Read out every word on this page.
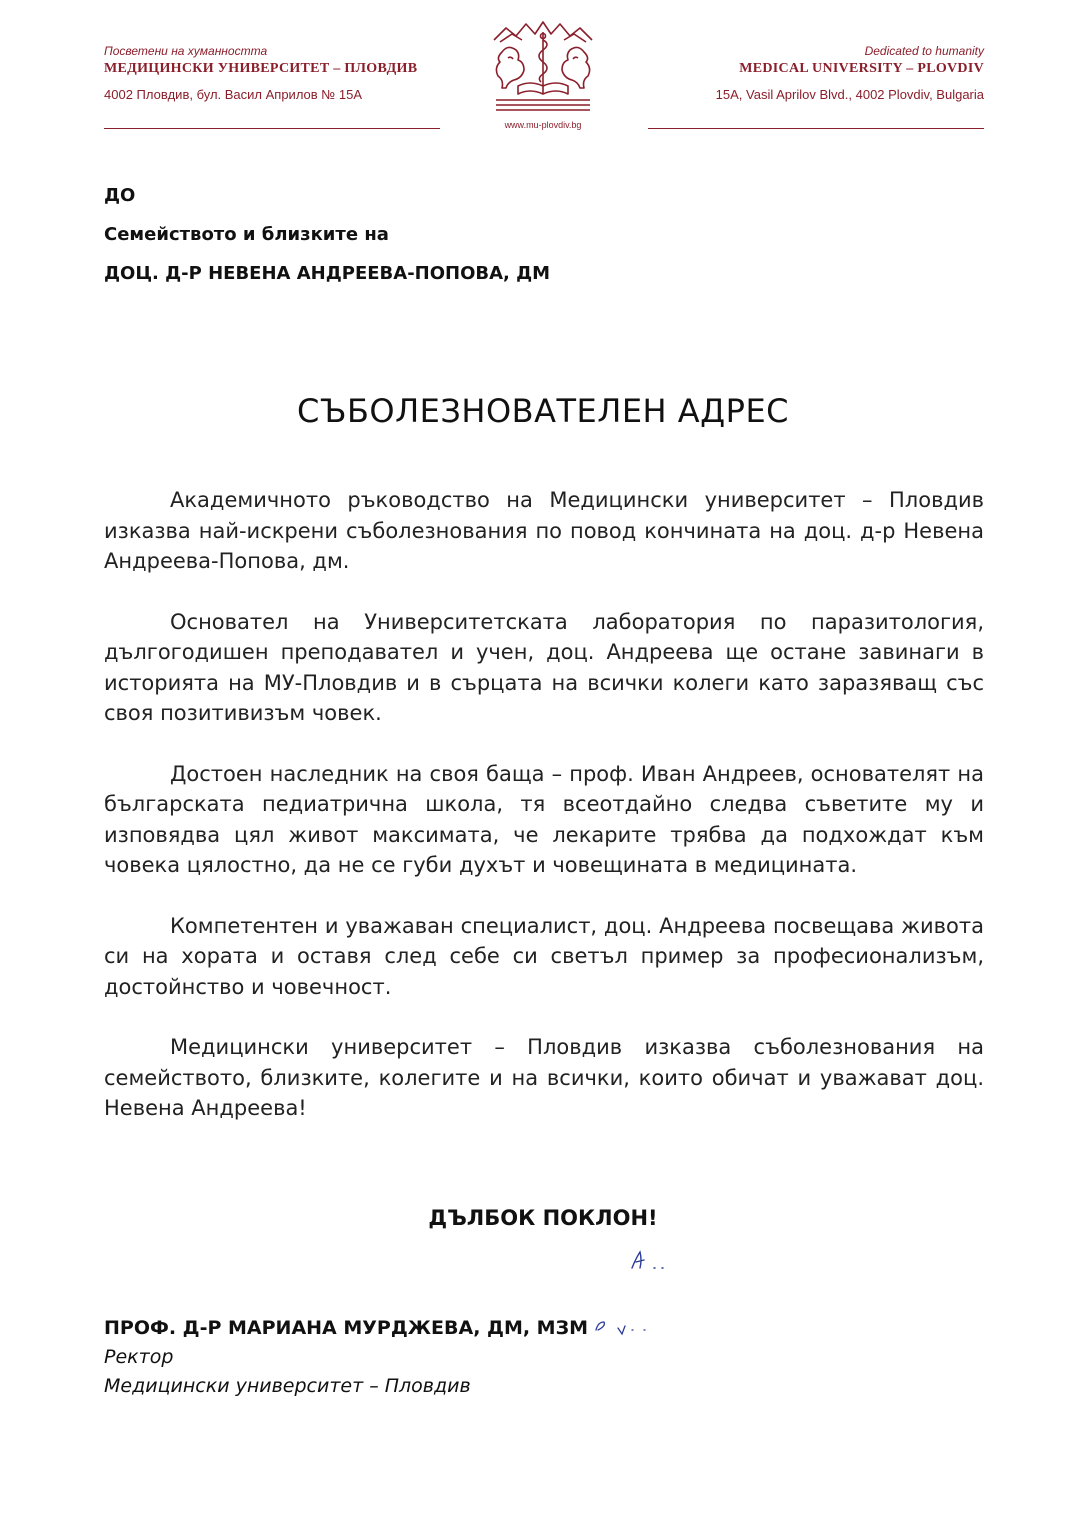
Посветени на хуманността
МЕДИЦИНСКИ УНИВЕРСИТЕТ – ПЛОВДИВ
4002 Пловдив, бул. Васил Априлов № 15А
www.mu-plovdiv.bg
Dedicated to humanity
MEDICAL UNIVERSITY – PLOVDIV
15A, Vasil Aprilov Blvd., 4002 Plovdiv, Bulgaria
ДО
Семейството и близките на
ДОЦ. Д-Р НЕВЕНА АНДРЕЕВА-ПОПОВА, ДМ
СЪБОЛЕЗНОВАТЕЛЕН АДРЕС

Академичното ръководство на Медицински университет – Пловдив изказва най-искрени съболезнования по повод кончината на доц. д-р Невена Андреева-Попова, дм.

Основател на Университетската лаборатория по паразитология, дългогодишен преподавател и учен, доц. Андреева ще остане завинаги в историята на МУ-Пловдив и в сърцата на всички колеги като заразяващ със своя позитивизъм човек.

Достоен наследник на своя баща – проф. Иван Андреев, основателят на българската педиатрична школа, тя всеотдайно следва съветите му и изповядва цял живот максимата, че лекарите трябва да подхождат към човека цялостно, да не се губи духът и човещината в медицината.

Компетентен и уважаван специалист, доц. Андреева посвещава живота си на хората и оставя след себе си светъл пример за професионализъм, достойнство и човечност.

Медицински университет – Пловдив изказва съболезнования на семейството, близките, колегите и на всички, които обичат и уважават доц. Невена Андреева!

ДЪЛБОК ПОКЛОН!
ПРОФ. Д-Р МАРИАНА МУРДЖЕВА, ДМ, МЗМ
Ректор
Медицински университет – Пловдив
